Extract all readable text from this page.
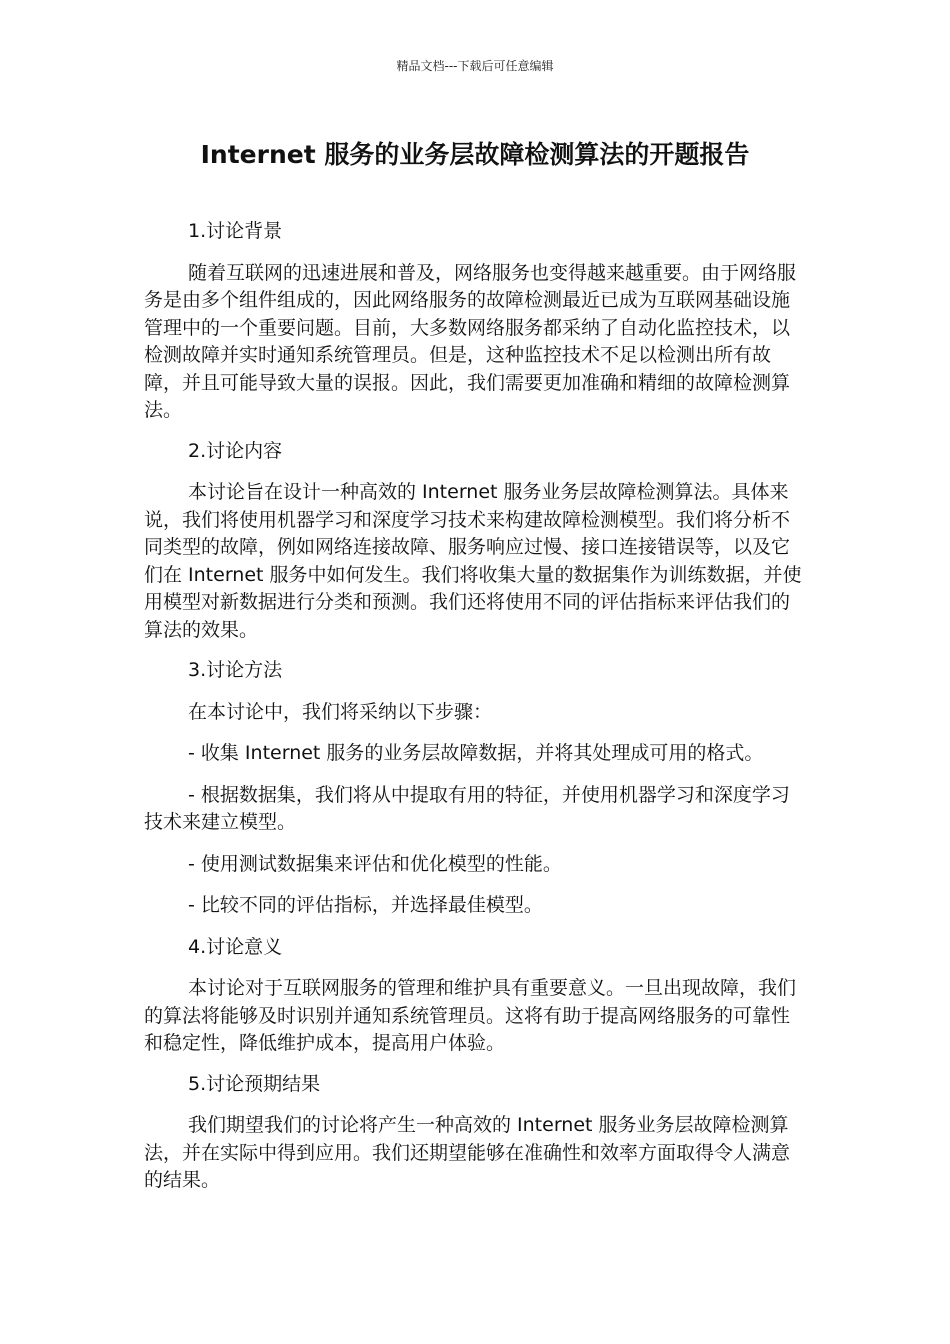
精品文档---下载后可任意编辑
Internet 服务的业务层故障检测算法的开题报告

1.讨论背景

随着互联网的迅速进展和普及，网络服务也变得越来越重要。由于网络服务是由多个组件组成的，因此网络服务的故障检测最近已成为互联网基础设施管理中的一个重要问题。目前，大多数网络服务都采纳了自动化监控技术，以检测故障并实时通知系统管理员。但是，这种监控技术不足以检测出所有故障，并且可能导致大量的误报。因此，我们需要更加准确和精细的故障检测算法。

2.讨论内容

本讨论旨在设计一种高效的 Internet 服务业务层故障检测算法。具体来说，我们将使用机器学习和深度学习技术来构建故障检测模型。我们将分析不同类型的故障，例如网络连接故障、服务响应过慢、接口连接错误等，以及它们在 Internet 服务中如何发生。我们将收集大量的数据集作为训练数据，并使用模型对新数据进行分类和预测。我们还将使用不同的评估指标来评估我们的算法的效果。

3.讨论方法

在本讨论中，我们将采纳以下步骤：

- 收集 Internet 服务的业务层故障数据，并将其处理成可用的格式。

- 根据数据集，我们将从中提取有用的特征，并使用机器学习和深度学习技术来建立模型。

- 使用测试数据集来评估和优化模型的性能。

- 比较不同的评估指标，并选择最佳模型。

4.讨论意义

本讨论对于互联网服务的管理和维护具有重要意义。一旦出现故障，我们的算法将能够及时识别并通知系统管理员。这将有助于提高网络服务的可靠性和稳定性，降低维护成本，提高用户体验。

5.讨论预期结果

我们期望我们的讨论将产生一种高效的 Internet 服务业务层故障检测算法，并在实际中得到应用。我们还期望能够在准确性和效率方面取得令人满意的结果。
